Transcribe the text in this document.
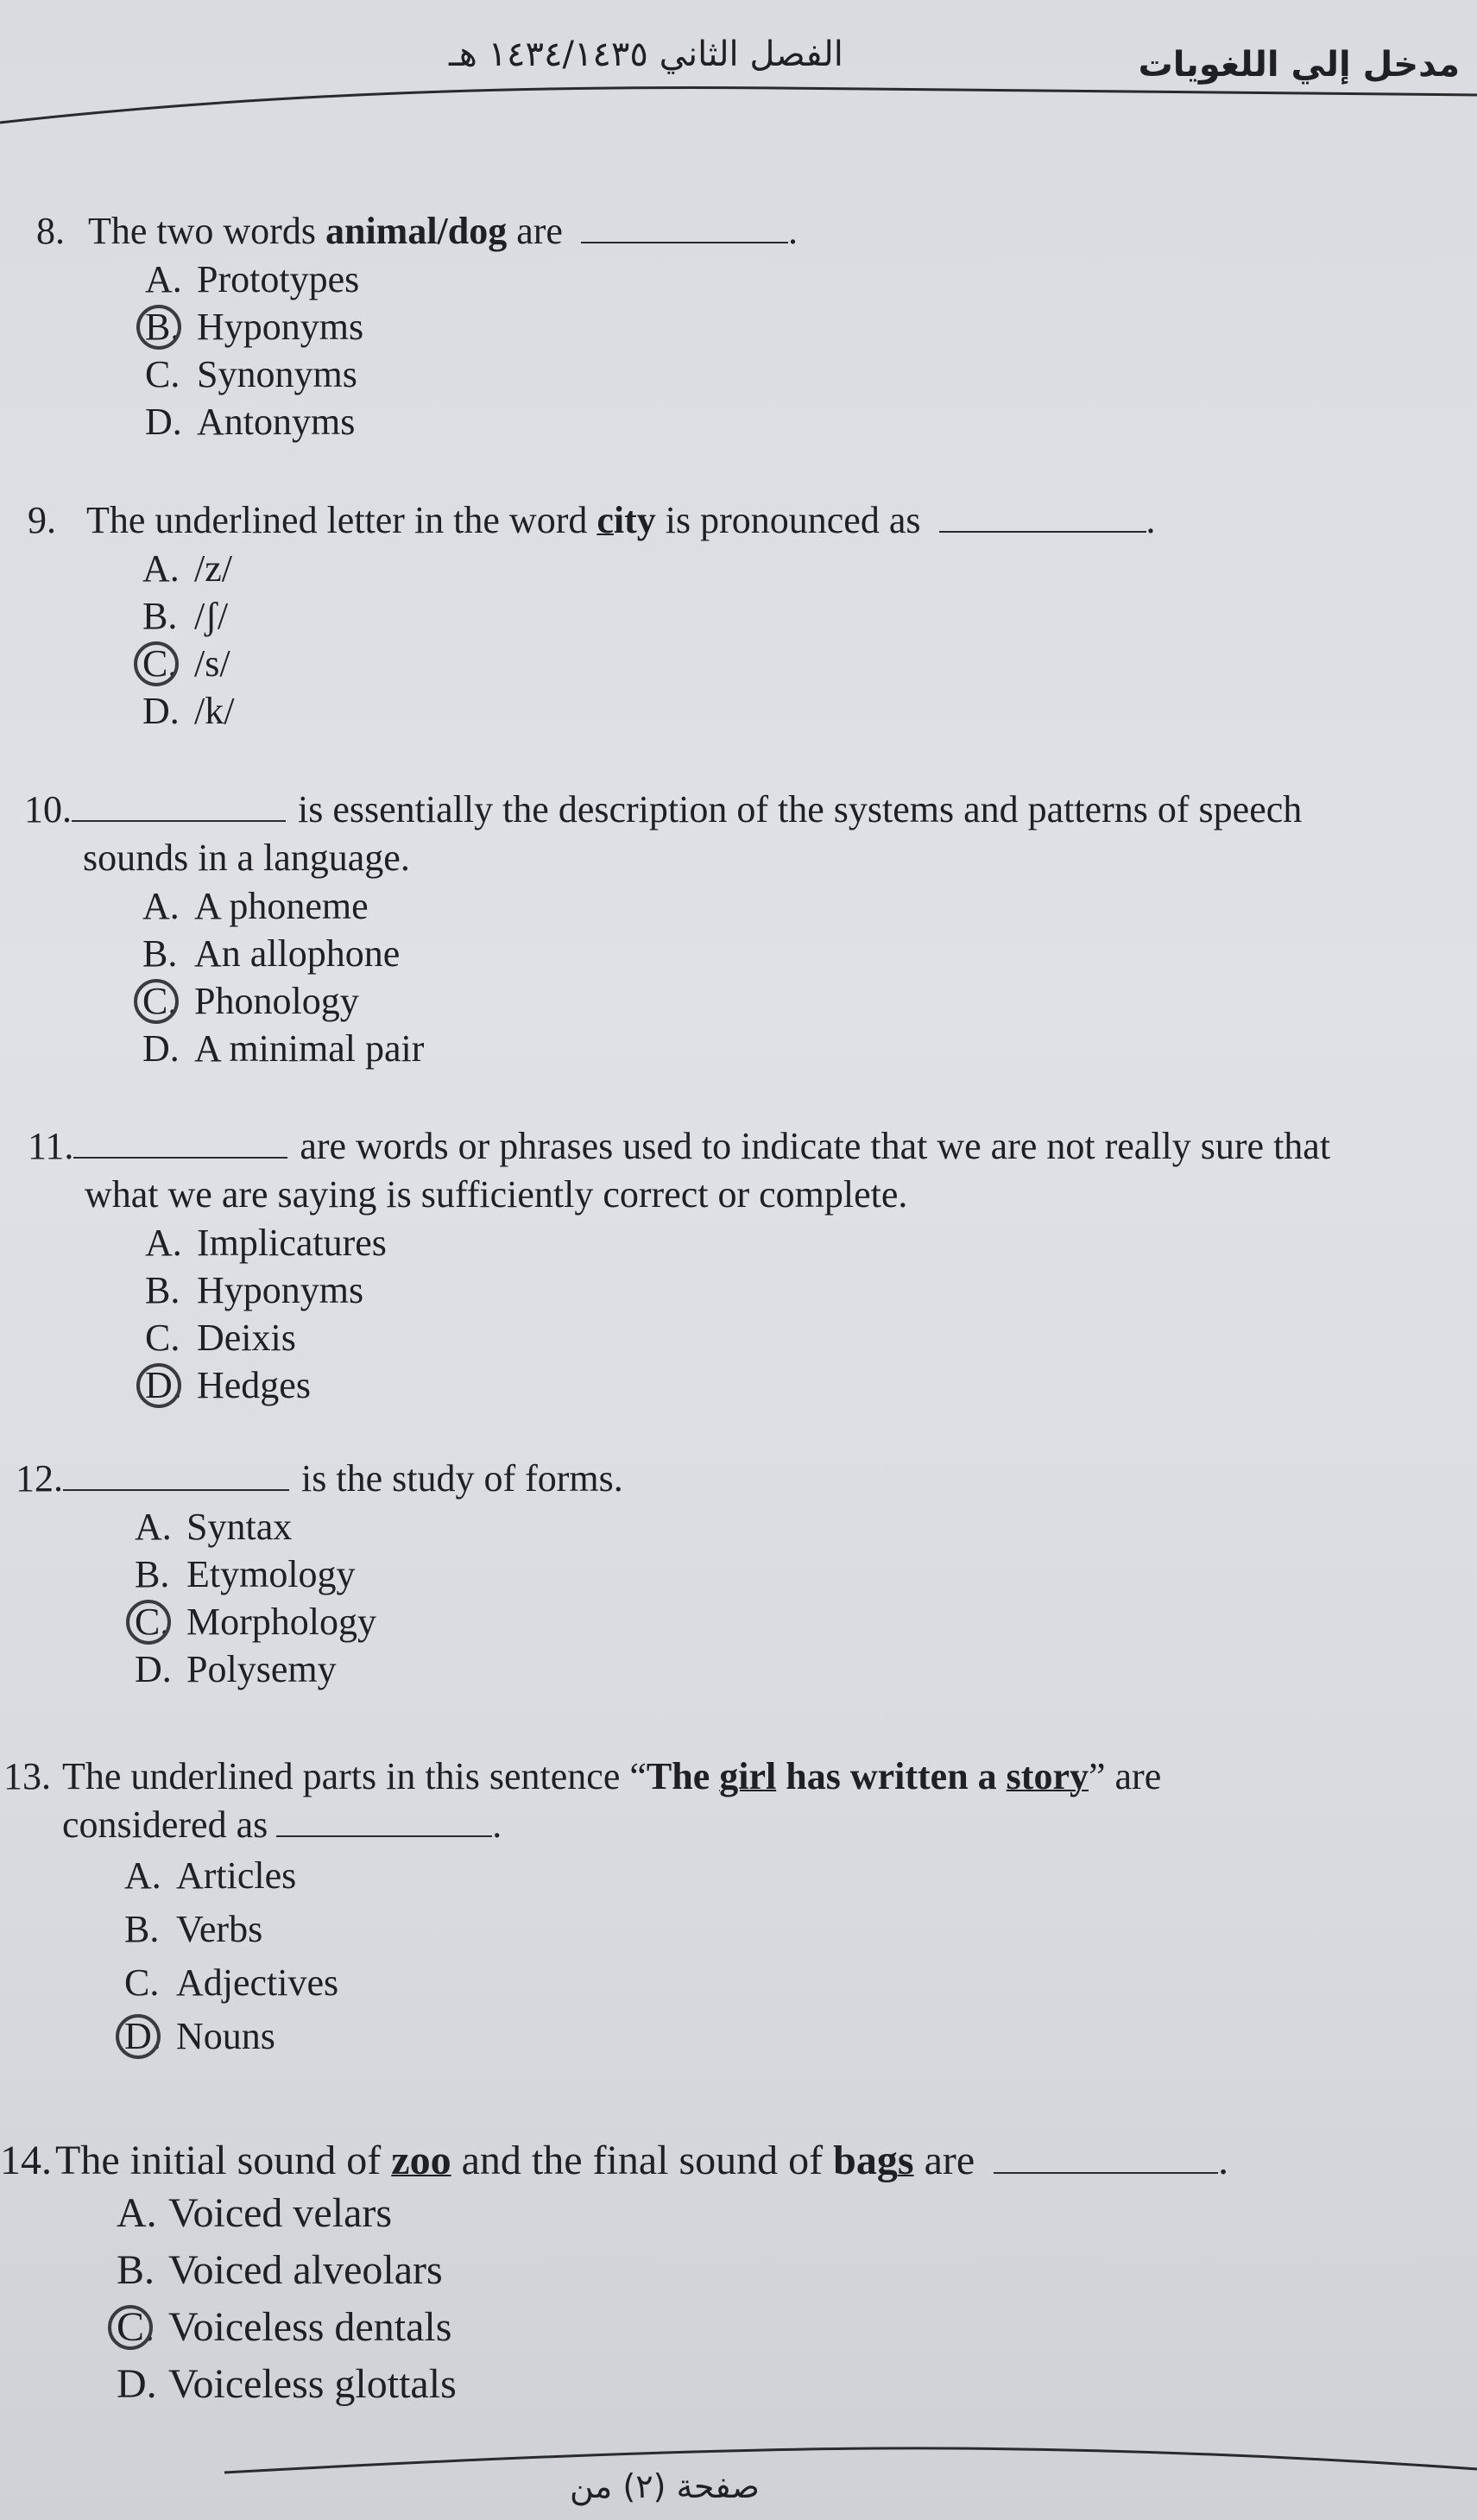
الفصل الثاني ١٤٣٤/١٤٣٥ هـ	مدخل إلي اللغويات
8. The two words animal/dog are	.
A. Prototypes
B. Hyponyms
C. Synonyms
D. Antonyms
9. The underlined letter in the word city is pronounced as	.
A. /z/
B. /ʃ/
C. /s/
D. /k/
10.	is essentially the description of the systems and patterns of speech
sounds in a language.
A. A phoneme
B. An allophone
C. Phonology
D. A minimal pair
11.	are words or phrases used to indicate that we are not really sure that
what we are saying is sufficiently correct or complete.
A. Implicatures
B. Hyponyms
C. Deixis
D. Hedges
12.	is the study of forms.
A. Syntax
B. Etymology
C. Morphology
D. Polysemy
13. The underlined parts in this sentence “The girl has written a story” are
considered as	.
A. Articles
B. Verbs
C. Adjectives
D. Nouns
14.The initial sound of zoo and the final sound of bags are	.
A. Voiced velars
B. Voiced alveolars
C. Voiceless dentals
D. Voiceless glottals
صفحة (٢) من
